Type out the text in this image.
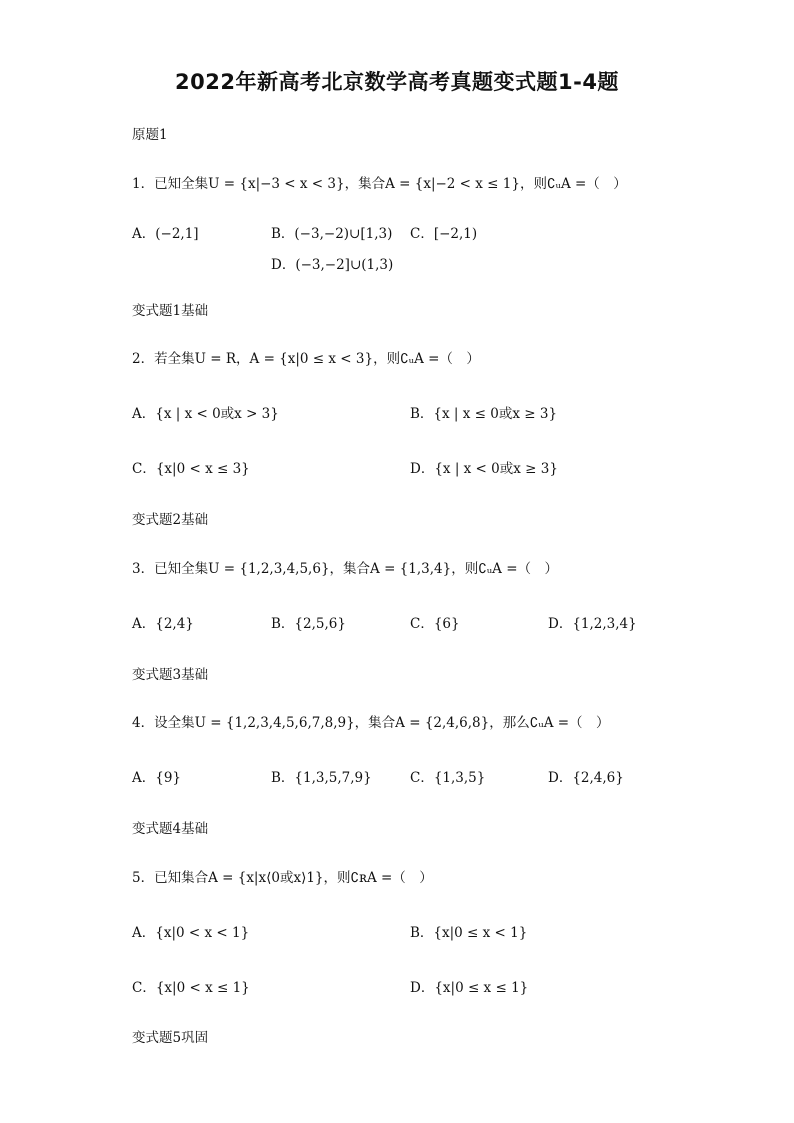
2022年新高考北京数学高考真题变式题1-4题
原题1
1．已知全集U = {x|−3 < x < 3}，集合A = {x|−2 < x ≤ 1}，则∁ᵤA =（　）
A．(−2,1]	B．(−3,−2)∪[1,3) C．[−2,1)
D．(−3,−2]∪(1,3)
变式题1基础
2．若全集U = R，A = {x|0 ≤ x < 3}，则∁ᵤA =（　）
A．{x | x < 0或x > 3}	B．{x | x ≤ 0或x ≥ 3}
C．{x|0 < x ≤ 3}	D．{x | x < 0或x ≥ 3}
变式题2基础
3．已知全集U = {1,2,3,4,5,6}，集合A = {1,3,4}，则∁ᵤA =（　）
A．{2,4}	B．{2,5,6}	C．{6}	D．{1,2,3,4}
变式题3基础
4．设全集U = {1,2,3,4,5,6,7,8,9}，集合A = {2,4,6,8}，那么∁ᵤA =（　）
A．{9}	B．{1,3,5,7,9}	C．{1,3,5}	D．{2,4,6}
变式题4基础
5．已知集合A = {x|x⟨0或x⟩1}，则∁ʀA =（　）
A．{x|0 < x < 1}	B．{x|0 ≤ x < 1}
C．{x|0 < x ≤ 1}	D．{x|0 ≤ x ≤ 1}
变式题5巩固
